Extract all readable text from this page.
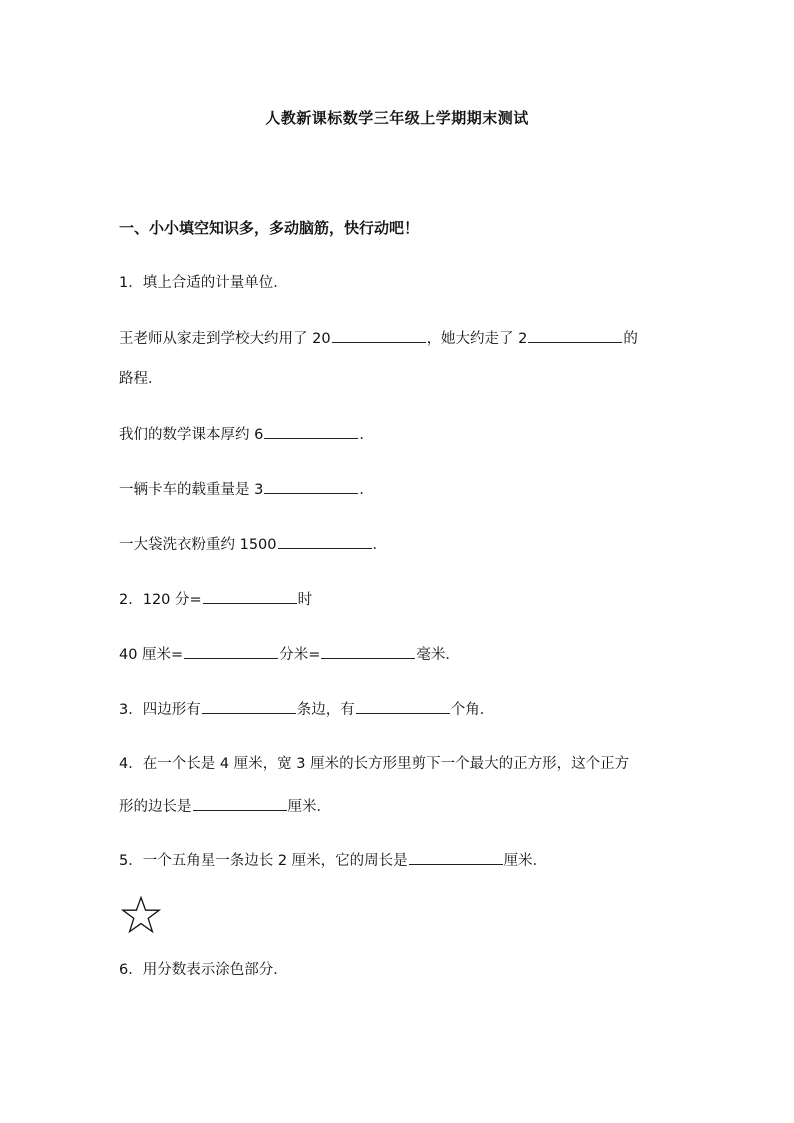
人教新课标数学三年级上学期期末测试
一、小小填空知识多，多动脑筋，快行动吧！
1．填上合适的计量单位．
王老师从家走到学校大约用了 20	，她大约走了 2	的
路程．
我们的数学课本厚约 6	．
一辆卡车的载重量是 3	．
一大袋洗衣粉重约 1500	．
2．120 分=	时
40 厘米=	分米=	毫米．
3．四边形有	条边，有	个角．
4．在一个长是 4 厘米，宽 3 厘米的长方形里剪下一个最大的正方形，这个正方
形的边长是	厘米．
5．一个五角星一条边长 2 厘米，它的周长是	厘米．
6．用分数表示涂色部分．
